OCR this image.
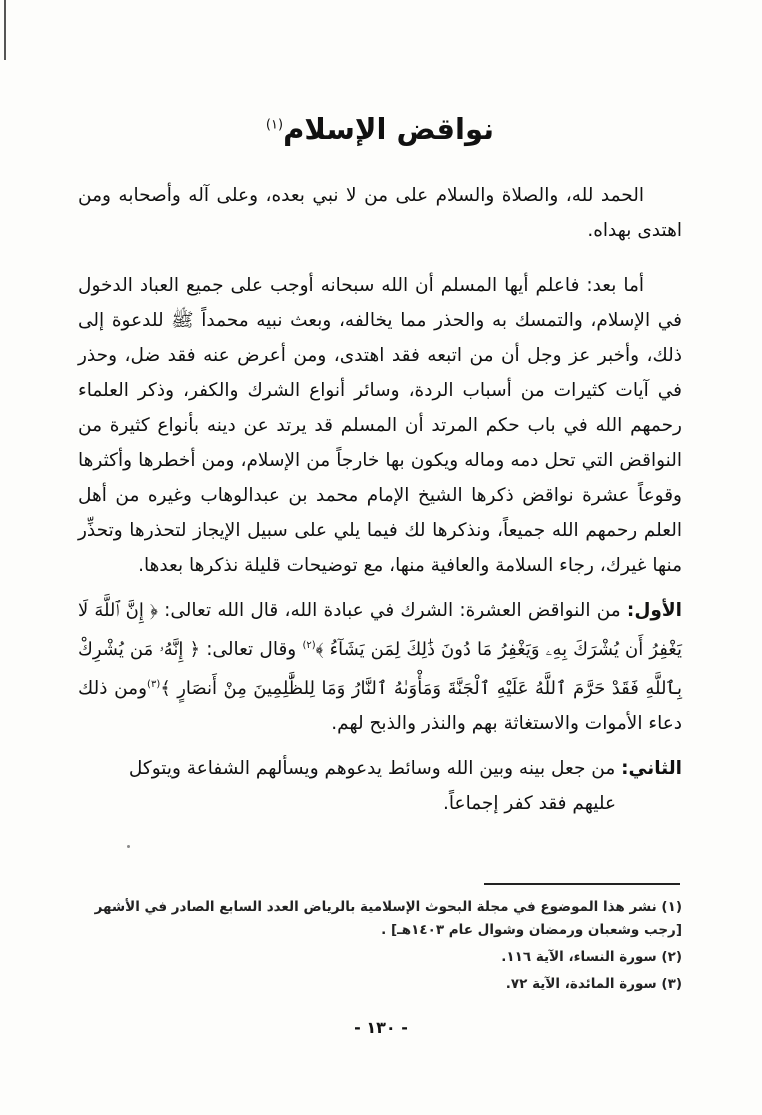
نواقض الإسلام$^{(١)}$

الحمد لله، والصلاة والسلام على من لا نبي بعده، وعلى آله وأصحابه ومن اهتدى بهداه.

أما بعد: فاعلم أيها المسلم أن الله سبحانه أوجب على جميع العباد الدخول في الإسلام، والتمسك به والحذر مما يخالفه، وبعث نبيه محمداً ﷺ للدعوة إلى ذلك، وأخبر عز وجل أن من اتبعه فقد اهتدى، ومن أعرض عنه فقد ضل، وحذر في آيات كثيرات من أسباب الردة، وسائر أنواع الشرك والكفر، وذكر العلماء رحمهم الله في باب حكم المرتد أن المسلم قد يرتد عن دينه بأنواع كثيرة من النواقض التي تحل دمه وماله ويكون بها خارجاً من الإسلام، ومن أخطرها وأكثرها وقوعاً عشرة نواقض ذكرها الشيخ الإمام محمد بن عبدالوهاب وغيره من أهل العلم رحمهم الله جميعاً، ونذكرها لك فيما يلي على سبيل الإيجاز لتحذرها وتحذِّر منها غيرك، رجاء السلامة والعافية منها، مع توضيحات قليلة نذكرها بعدها.

الأول: من النواقض العشرة: الشرك في عبادة الله، قال الله تعالى: ﴿ إِنَّ ٱللَّهَ لَا يَغْفِرُ أَن يُشْرَكَ بِهِۦ وَيَغْفِرُ مَا دُونَ ذَٰلِكَ لِمَن يَشَآءُ ﴾$^{(٢)}$ وقال تعالى: ﴿ إِنَّهُۥ مَن يُشْرِكْ بِٱللَّهِ فَقَدْ حَرَّمَ ٱللَّهُ عَلَيْهِ ٱلْجَنَّةَ وَمَأْوَىٰهُ ٱلنَّارُ وَمَا لِلظَّٰلِمِينَ مِنْ أَنصَارٍ ﴾$^{(٣)}$ومن ذلك دعاء الأموات والاستغاثة بهم والنذر والذبح لهم.

الثاني: من جعل بينه وبين الله وسائط يدعوهم ويسألهم الشفاعة ويتوكل
عليهم فقد كفر إجماعاً.

(١) نشر هذا الموضوع في مجلة البحوث الإسلامية بالرياض العدد السابع الصادر في الأشهر [رجب وشعبان ورمضان وشوال عام ١٤٠٣هـ] .

(٢) سورة النساء، الآية ١١٦.

(٣) سورة المائدة، الآية ٧٢.

- ١٣٠ -
